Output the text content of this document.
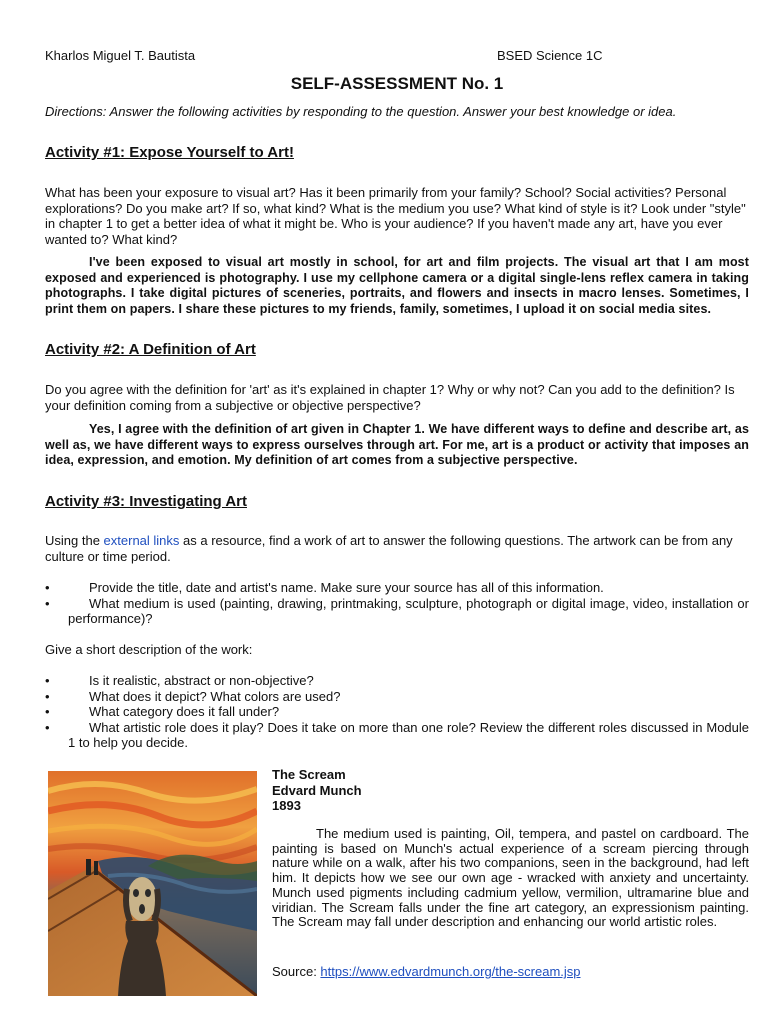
Kharlos Miguel T. Bautista	BSED Science 1C
SELF-ASSESSMENT No. 1
Directions: Answer the following activities by responding to the question. Answer your best knowledge or idea.
Activity #1: Expose Yourself to Art!
What has been your exposure to visual art? Has it been primarily from your family? School? Social activities? Personal explorations? Do you make art? If so, what kind? What is the medium you use? What kind of style is it? Look under "style" in chapter 1 to get a better idea of what it might be. Who is your audience? If you haven't made any art, have you ever wanted to? What kind?
I've been exposed to visual art mostly in school, for art and film projects. The visual art that I am most exposed and experienced is photography. I use my cellphone camera or a digital single-lens reflex camera in taking photographs. I take digital pictures of sceneries, portraits, and flowers and insects in macro lenses. Sometimes, I print them on papers. I share these pictures to my friends, family, sometimes, I upload it on social media sites.
Activity #2: A Definition of Art
Do you agree with the definition for 'art' as it's explained in chapter 1? Why or why not? Can you add to the definition? Is your definition coming from a subjective or objective perspective?
Yes, I agree with the definition of art given in Chapter 1. We have different ways to define and describe art, as well as, we have different ways to express ourselves through art. For me, art is a product or activity that imposes an idea, expression, and emotion. My definition of art comes from a subjective perspective.
Activity #3: Investigating Art
Using the external links as a resource, find a work of art to answer the following questions. The artwork can be from any culture or time period.
• Provide the title, date and artist's name. Make sure your source has all of this information.
• What medium is used (painting, drawing, printmaking, sculpture, photograph or digital image, video, installation or performance)?
Give a short description of the work:
• Is it realistic, abstract or non-objective?
• What does it depict? What colors are used?
• What category does it fall under?
• What artistic role does it play? Does it take on more than one role? Review the different roles discussed in Module 1 to help you decide.
The Scream
Edvard Munch
1893
The medium used is painting, Oil, tempera, and pastel on cardboard. The painting is based on Munch's actual experience of a scream piercing through nature while on a walk, after his two companions, seen in the background, had left him. It depicts how we see our own age - wracked with anxiety and uncertainty. Munch used pigments including cadmium yellow, vermilion, ultramarine blue and viridian. The Scream falls under the fine art category, an expressionism painting. The Scream may fall under description and enhancing our world artistic roles.
Source: https://www.edvardmunch.org/the-scream.jsp
